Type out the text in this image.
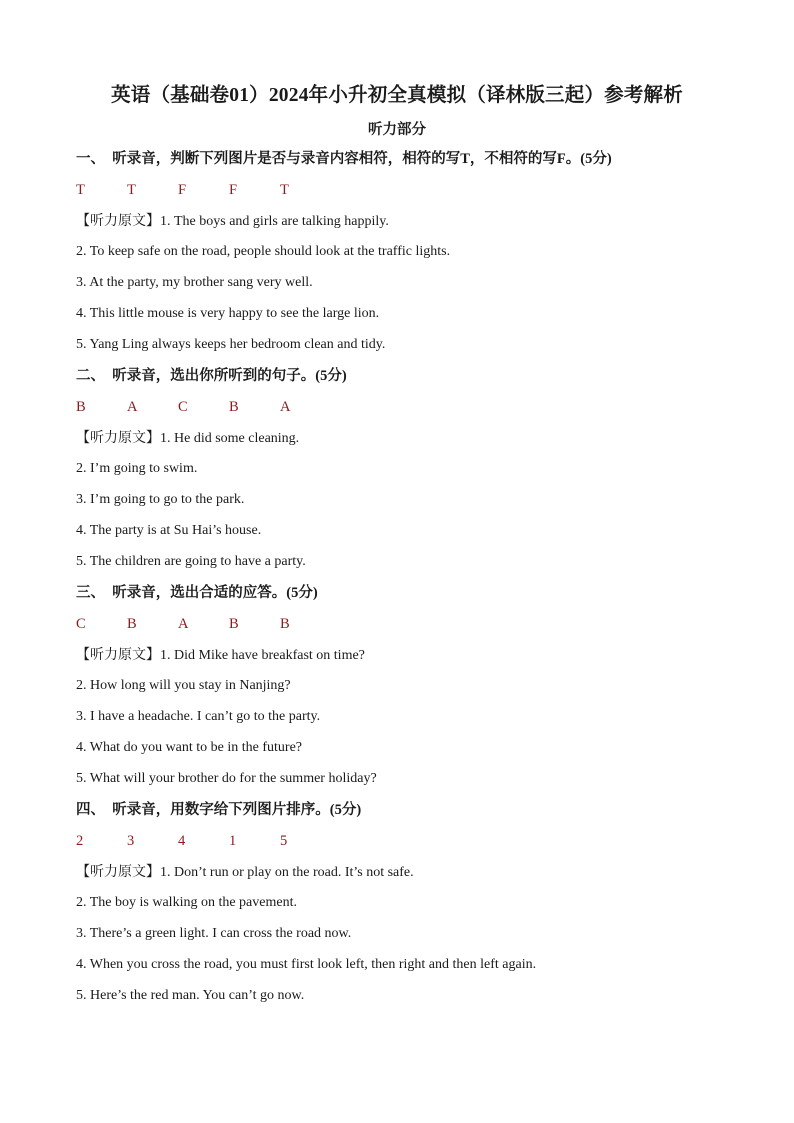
英语（基础卷01）2024年小升初全真模拟（译林版三起）参考解析
听力部分
一、　听录音，判断下列图片是否与录音内容相符，相符的写T，不相符的写F。(5分)
T	T	F	F	T
【听力原文】1. The boys and girls are talking happily.
2. To keep safe on the road, people should look at the traffic lights.
3. At the party, my brother sang very well.
4. This little mouse is very happy to see the large lion.
5. Yang Ling always keeps her bedroom clean and tidy.
二、　听录音，选出你所听到的句子。(5分)
B	A	C	B	A
【听力原文】1. He did some cleaning.
2. I’m going to swim.
3. I’m going to go to the park.
4. The party is at Su Hai’s house.
5. The children are going to have a party.
三、　听录音，选出合适的应答。(5分)
C	B	A	B	B
【听力原文】1. Did Mike have breakfast on time?
2. How long will you stay in Nanjing?
3. I have a headache. I can’t go to the party.
4. What do you want to be in the future?
5. What will your brother do for the summer holiday?
四、　听录音，用数字给下列图片排序。(5分)
2	3	4	1	5
【听力原文】1. Don’t run or play on the road. It’s not safe.
2. The boy is walking on the pavement.
3. There’s a green light. I can cross the road now.
4. When you cross the road, you must first look left, then right and then left again.
5. Here’s the red man. You can’t go now.
